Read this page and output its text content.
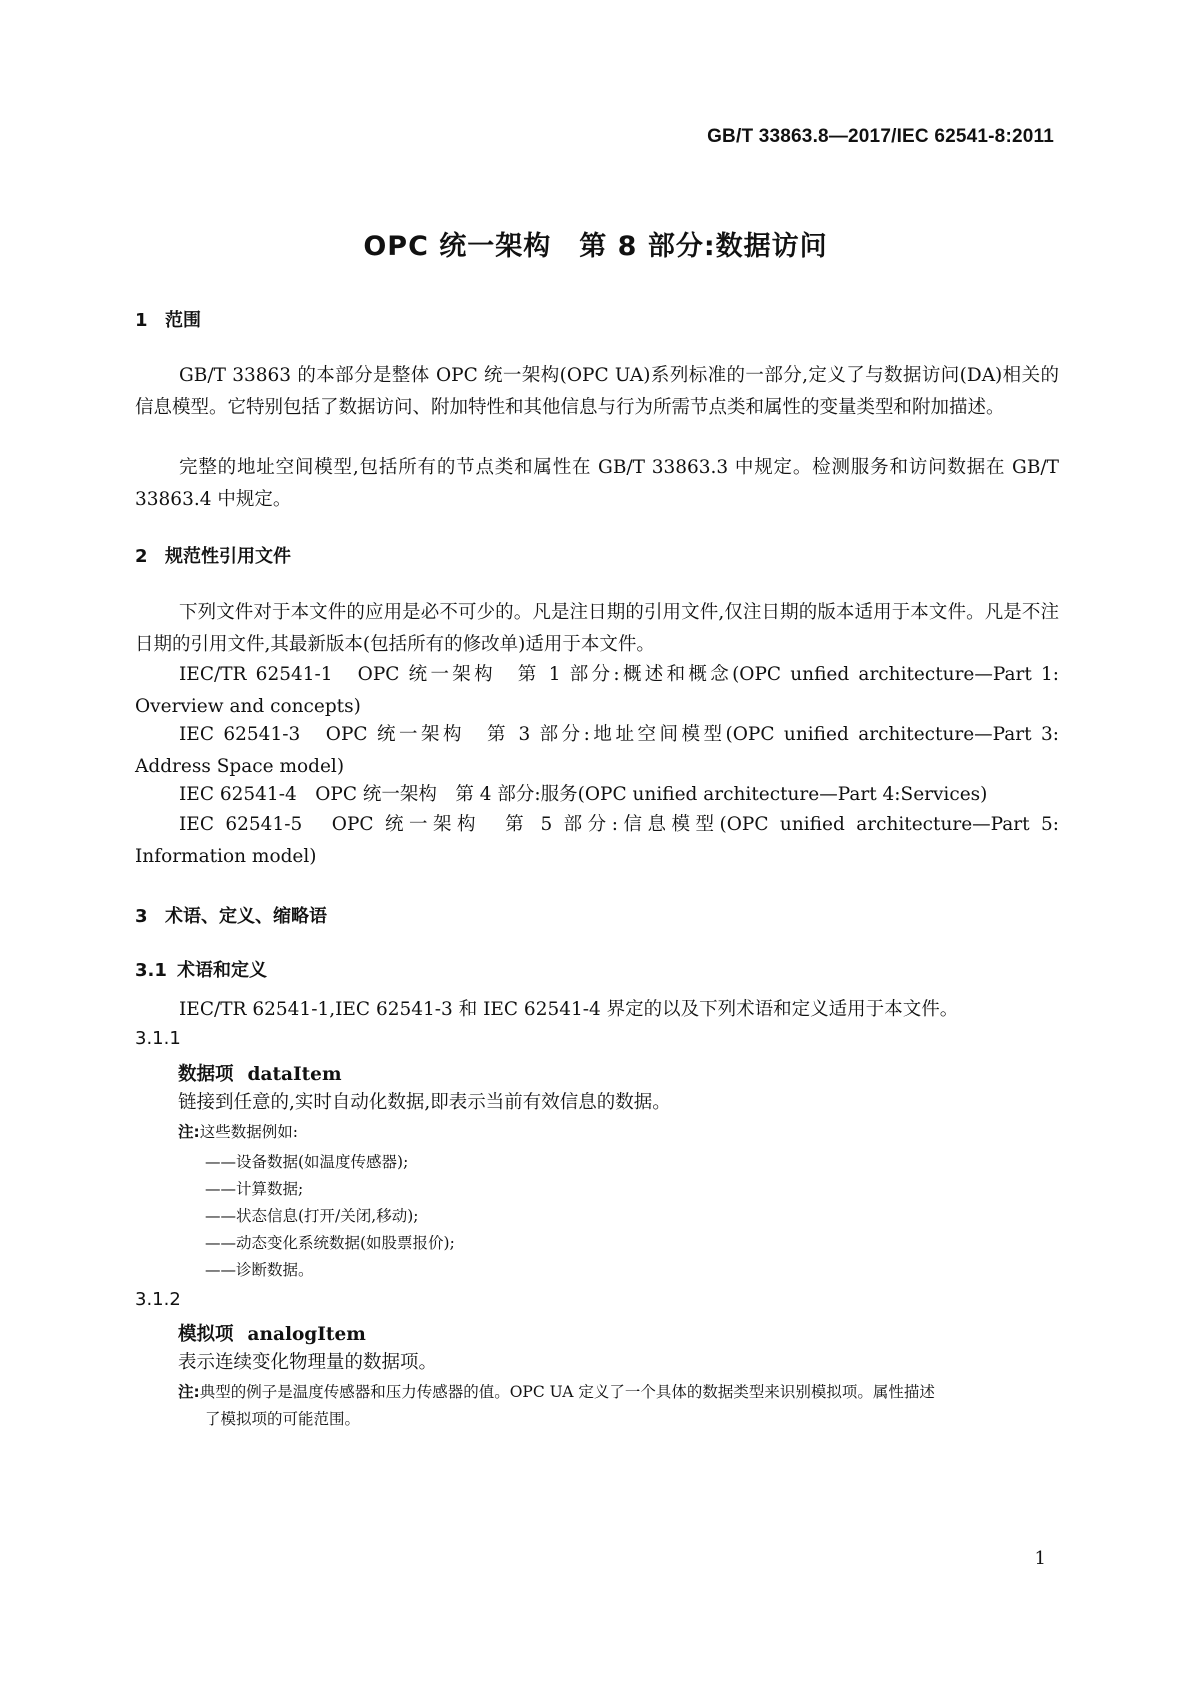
GB/T 33863.8—2017/IEC 62541-8:2011
OPC 统一架构　第 8 部分:数据访问
1 范围
GB/T 33863 的本部分是整体 OPC 统一架构(OPC UA)系列标准的一部分,定义了与数据访问(DA)相关的信息模型。它特别包括了数据访问、附加特性和其他信息与行为所需节点类和属性的变量类型和附加描述。
完整的地址空间模型,包括所有的节点类和属性在 GB/T 33863.3 中规定。检测服务和访问数据在 GB/T 33863.4 中规定。
2 规范性引用文件
下列文件对于本文件的应用是必不可少的。凡是注日期的引用文件,仅注日期的版本适用于本文件。凡是不注日期的引用文件,其最新版本(包括所有的修改单)适用于本文件。
IEC/TR 62541-1　OPC 统一架构　第 1 部分:概述和概念(OPC unfied architecture—Part 1:
Overview and concepts)
IEC 62541-3　OPC 统一架构　第 3 部分:地址空间模型(OPC unified architecture—Part 3:
Address Space model)
IEC 62541-4　OPC 统一架构　第 4 部分:服务(OPC unified architecture—Part 4:Services)
IEC 62541-5　OPC 统一架构　第 5 部分:信息模型(OPC unified architecture—Part 5:
Information model)
3 术语、定义、缩略语
3.1 术语和定义
IEC/TR 62541-1,IEC 62541-3 和 IEC 62541-4 界定的以及下列术语和定义适用于本文件。
3.1.1
数据项 dataItem
链接到任意的,实时自动化数据,即表示当前有效信息的数据。
注:这些数据例如:
——设备数据(如温度传感器);
——计算数据;
——状态信息(打开/关闭,移动);
——动态变化系统数据(如股票报价);
——诊断数据。
3.1.2
模拟项 analogItem
表示连续变化物理量的数据项。
注:典型的例子是温度传感器和压力传感器的值。OPC UA 定义了一个具体的数据类型来识别模拟项。属性描述
了模拟项的可能范围。
1
